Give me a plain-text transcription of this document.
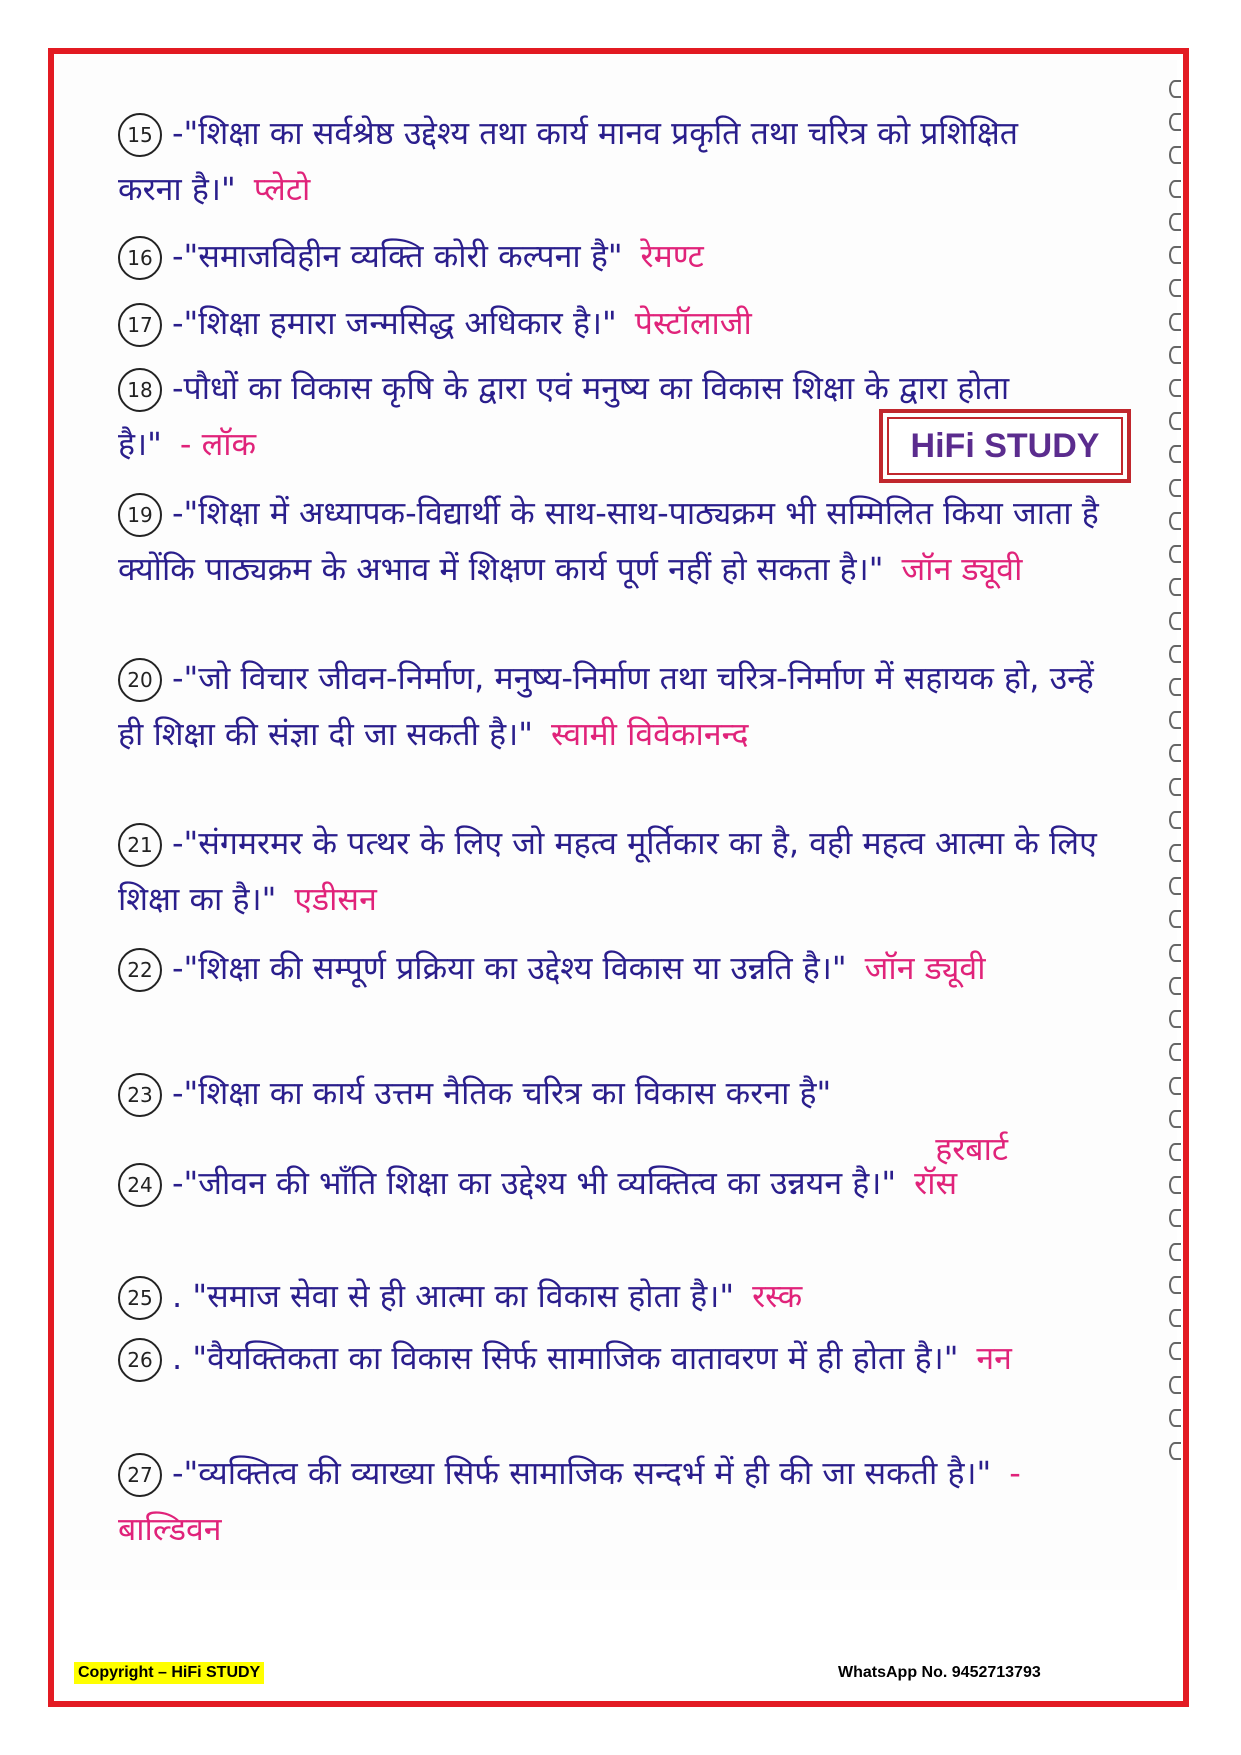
15 -"शिक्षा का सर्वश्रेष्ठ उद्देश्य तथा कार्य मानव प्रकृति तथा चरित्र को प्रशिक्षित करना है।" प्लेटो
16 -"समाजविहीन व्यक्ति कोरी कल्पना है" रेमण्ट
17 -"शिक्षा हमारा जन्मसिद्ध अधिकार है।" पेस्टॉलाजी
18 -पौधों का विकास कृषि के द्वारा एवं मनुष्य का विकास शिक्षा के द्वारा होता है।" - लॉक
19 -"शिक्षा में अध्यापक-विद्यार्थी के साथ-साथ-पाठ्यक्रम भी सम्मिलित किया जाता है क्योंकि पाठ्यक्रम के अभाव में शिक्षण कार्य पूर्ण नहीं हो सकता है।" जॉन ड्यूवी
20 -"जो विचार जीवन-निर्माण, मनुष्य-निर्माण तथा चरित्र-निर्माण में सहायक हो, उन्हें ही शिक्षा की संज्ञा दी जा सकती है।" स्वामी विवेकानन्द
21 -"संगमरमर के पत्थर के लिए जो महत्व मूर्तिकार का है, वही महत्व आत्मा के लिए शिक्षा का है।" एडीसन
22 -"शिक्षा की सम्पूर्ण प्रक्रिया का उद्देश्य विकास या उन्नति है।" जॉन ड्यूवी
23 -"शिक्षा का कार्य उत्तम नैतिक चरित्र का विकास करना है"
हरबार्ट
24 -"जीवन की भाँति शिक्षा का उद्देश्य भी व्यक्तित्व का उन्नयन है।" रॉस
25 . "समाज सेवा से ही आत्मा का विकास होता है।" रस्क
26 . "वैयक्तिकता का विकास सिर्फ सामाजिक वातावरण में ही होता है।" नन
27 -"व्यक्तित्व की व्याख्या सिर्फ सामाजिक सन्दर्भ में ही की जा सकती है।" - बाल्डिवन
HiFi STUDY
Copyright – HiFi STUDY	WhatsApp No. 9452713793
